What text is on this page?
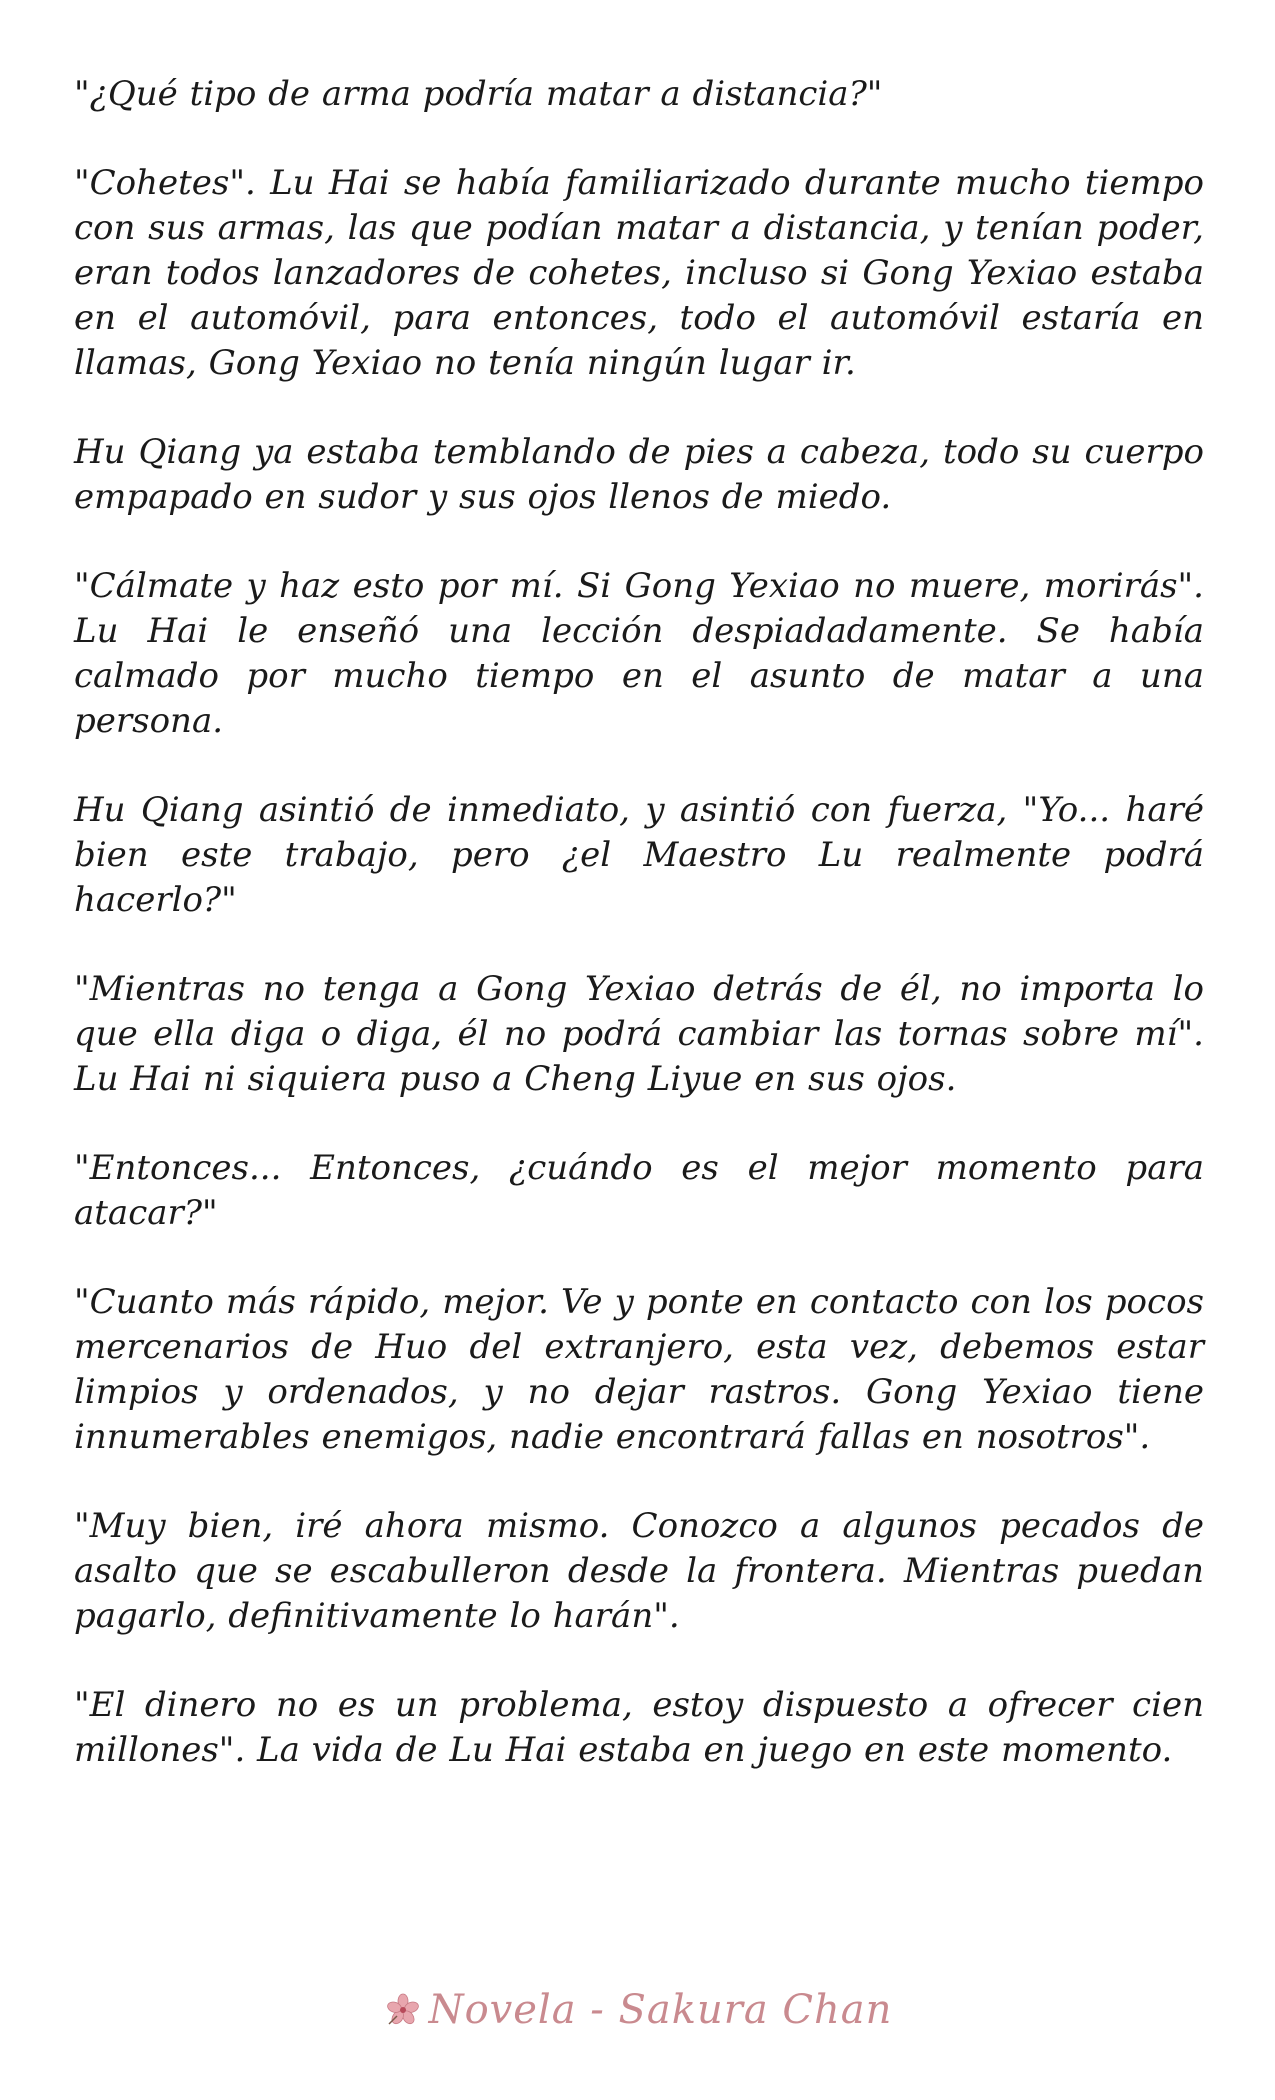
"¿Qué tipo de arma podría matar a distancia?"

"Cohetes". Lu Hai se había familiarizado durante mucho tiempo con sus armas, las que podían matar a distancia, y tenían poder, eran todos lanzadores de cohetes, incluso si Gong Yexiao estaba en el automóvil, para entonces, todo el automóvil estaría en llamas, Gong Yexiao no tenía ningún lugar ir.

Hu Qiang ya estaba temblando de pies a cabeza, todo su cuerpo empapado en sudor y sus ojos llenos de miedo.

"Cálmate y haz esto por mí. Si Gong Yexiao no muere, morirás". Lu Hai le enseñó una lección despiadadamente. Se había calmado por mucho tiempo en el asunto de matar a una persona.

Hu Qiang asintió de inmediato, y asintió con fuerza, "Yo... haré bien este trabajo, pero ¿el Maestro Lu realmente podrá hacerlo?"

"Mientras no tenga a Gong Yexiao detrás de él, no importa lo que ella diga o diga, él no podrá cambiar las tornas sobre mí". Lu Hai ni siquiera puso a Cheng Liyue en sus ojos.

"Entonces... Entonces, ¿cuándo es el mejor momento para atacar?"

"Cuanto más rápido, mejor. Ve y ponte en contacto con los pocos mercenarios de Huo del extranjero, esta vez, debemos estar limpios y ordenados, y no dejar rastros. Gong Yexiao tiene innumerables enemigos, nadie encontrará fallas en nosotros".

"Muy bien, iré ahora mismo. Conozco a algunos pecados de asalto que se escabulleron desde la frontera. Mientras puedan pagarlo, definitivamente lo harán".

"El dinero no es un problema, estoy dispuesto a ofrecer cien millones". La vida de Lu Hai estaba en juego en este momento.

Novela - Sakura Chan
